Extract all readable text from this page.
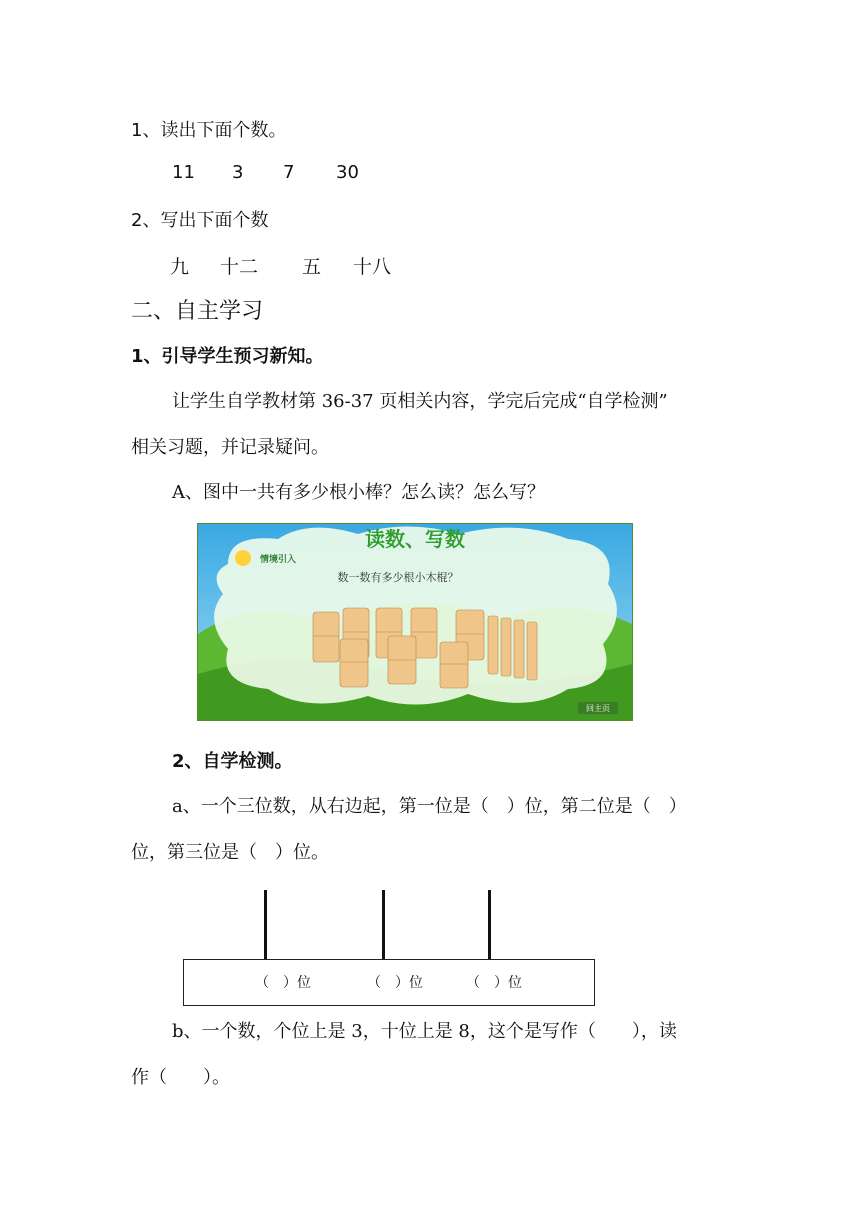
1、读出下面个数。
11 3 7 30
2、写出下面个数
九 十二 五 十八
二、自主学习
1、引导学生预习新知。
让学生自学教材第 36-37 页相关内容，学完后完成“自学检测”
相关习题，并记录疑问。
A、图中一共有多少根小棒？怎么读？怎么写？
读数、写数
情境引入
数一数有多少根小木棍？
回主页
2、自学检测。
a、一个三位数，从右边起，第一位是（　）位，第二位是（　）
位，第三位是（　）位。
（　）位	（　）位	（　）位
b、一个数，个位上是 3，十位上是 8，这个是写作（　　），读
作（　　）。
